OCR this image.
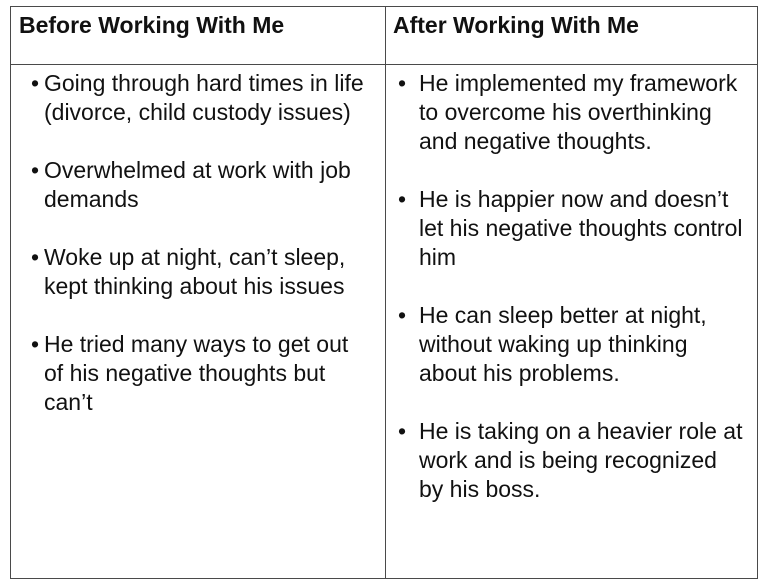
Before Working With Me	After Working With Me
• Going through hard times in life (divorce, child custody issues)
• Overwhelmed at work with job demands
• Woke up at night, can’t sleep, kept thinking about his issues
• He tried many ways to get out of his negative thoughts but can’t
• He implemented my framework to overcome his overthinking and negative thoughts.
• He is happier now and doesn’t let his negative thoughts control him
• He can sleep better at night, without waking up thinking about his problems.
• He is taking on a heavier role at work and is being recognized by his boss.
